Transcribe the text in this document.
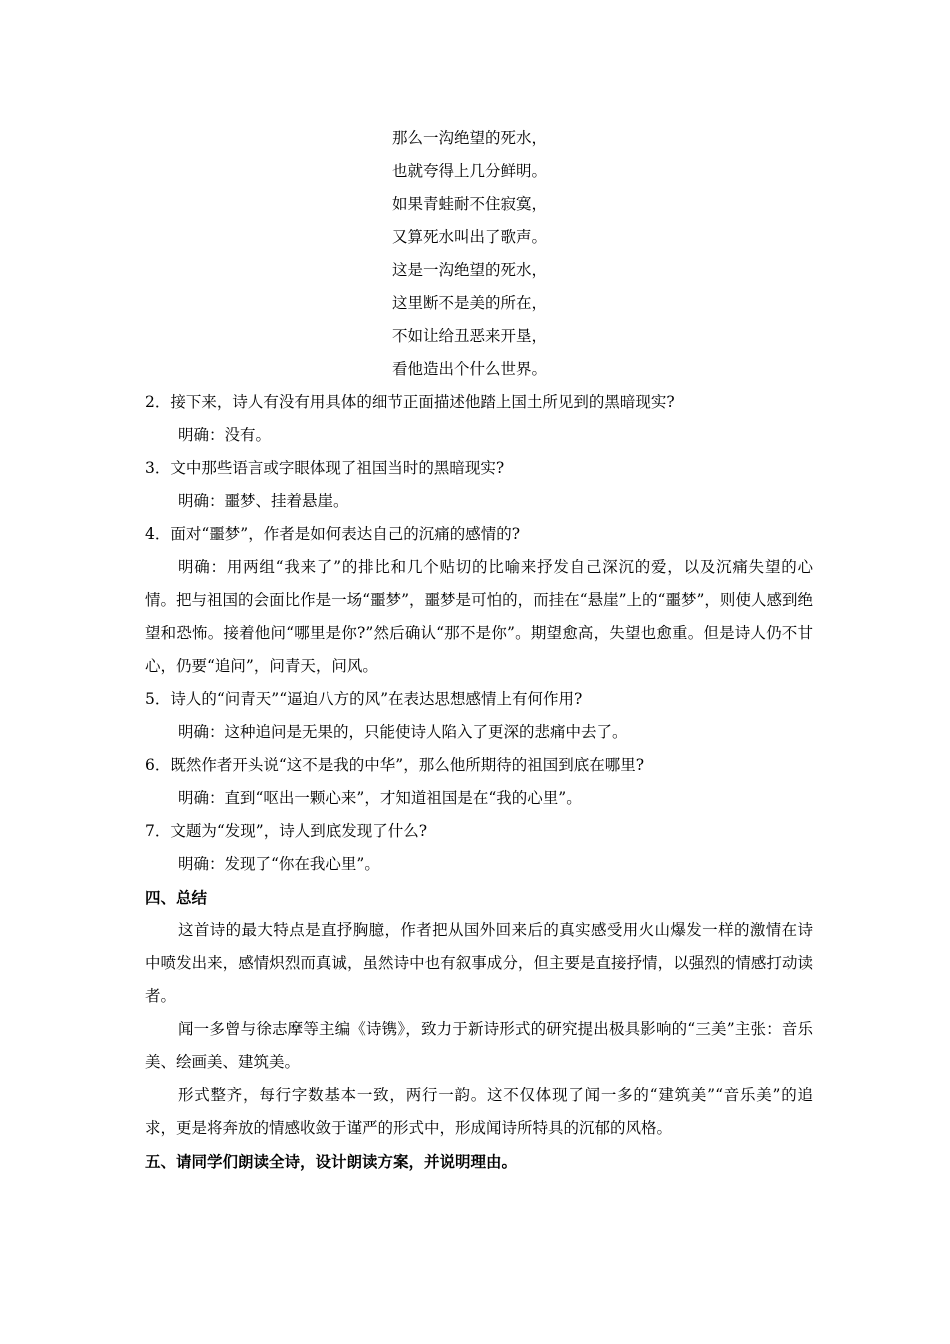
那么一沟绝望的死水，
也就夸得上几分鲜明。
如果青蛙耐不住寂寞，
又算死水叫出了歌声。
这是一沟绝望的死水，
这里断不是美的所在，
不如让给丑恶来开垦，
看他造出个什么世界。
2．接下来，诗人有没有用具体的细节正面描述他踏上国土所见到的黑暗现实?
明确：没有。
3．文中那些语言或字眼体现了祖国当时的黑暗现实?
明确：噩梦、挂着悬崖。
4．面对“噩梦”，作者是如何表达自己的沉痛的感情的?
明确：用两组“我来了”的排比和几个贴切的比喻来抒发自己深沉的爱，以及沉痛失望的心情。把与祖国的会面比作是一场“噩梦”，噩梦是可怕的，而挂在“悬崖”上的“噩梦”，则使人感到绝望和恐怖。接着他问“哪里是你?”然后确认“那不是你”。期望愈高，失望也愈重。但是诗人仍不甘心，仍要“追问”，问青天，问风。
5．诗人的“问青天”“逼迫八方的风”在表达思想感情上有何作用?
明确：这种追问是无果的，只能使诗人陷入了更深的悲痛中去了。
6．既然作者开头说“这不是我的中华”，那么他所期待的祖国到底在哪里?
明确：直到“呕出一颗心来”，才知道祖国是在“我的心里”。
7．文题为“发现”，诗人到底发现了什么?
明确：发现了“你在我心里”。
四、总结
这首诗的最大特点是直抒胸臆，作者把从国外回来后的真实感受用火山爆发一样的激情在诗中喷发出来，感情炽烈而真诚，虽然诗中也有叙事成分，但主要是直接抒情，以强烈的情感打动读者。
闻一多曾与徐志摩等主编《诗镌》，致力于新诗形式的研究提出极具影响的“三美”主张：音乐美、绘画美、建筑美。
形式整齐，每行字数基本一致，两行一韵。这不仅体现了闻一多的“建筑美”“音乐美”的追求，更是将奔放的情感收敛于谨严的形式中，形成闻诗所特具的沉郁的风格。
五、请同学们朗读全诗，设计朗读方案，并说明理由。
